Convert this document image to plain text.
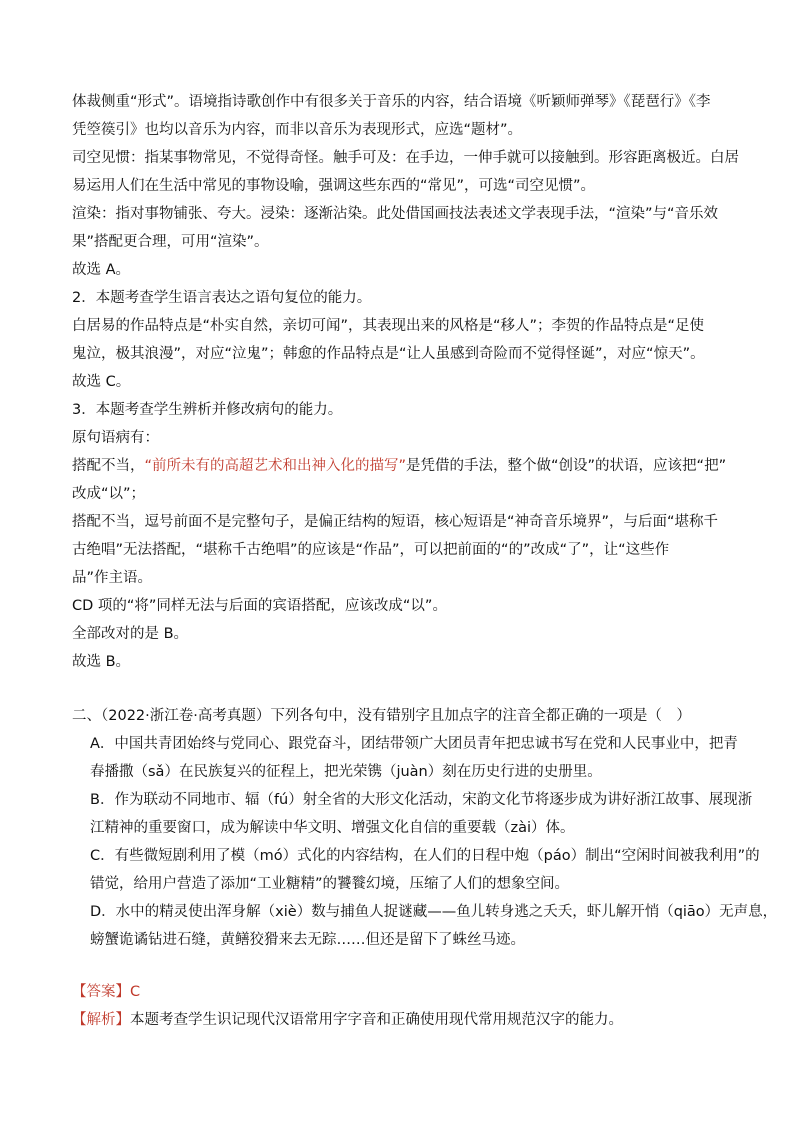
体裁侧重“形式”。语境指诗歌创作中有很多关于音乐的内容，结合语境《听颖师弹琴》《琵琶行》《李

凭箜篌引》也均以音乐为内容，而非以音乐为表现形式，应选“题材”。

司空见惯：指某事物常见，不觉得奇怪。触手可及：在手边，一伸手就可以接触到。形容距离极近。白居

易运用人们在生活中常见的事物设喻，强调这些东西的“常见”，可选“司空见惯”。

渲染：指对事物铺张、夸大。浸染：逐渐沾染。此处借国画技法表述文学表现手法，“渲染”与“音乐效

果”搭配更合理，可用“渲染”。

故选 A。

2．本题考查学生语言表达之语句复位的能力。

白居易的作品特点是“朴实自然，亲切可闻”，其表现出来的风格是“移人”；李贺的作品特点是“足使

鬼泣，极其浪漫”，对应“泣鬼”；韩愈的作品特点是“让人虽感到奇险而不觉得怪诞”，对应“惊天”。

故选 C。

3．本题考查学生辨析并修改病句的能力。

原句语病有：

搭配不当，“前所未有的高超艺术和出神入化的描写”是凭借的手法，整个做“创设”的状语，应该把“把”

改成“以”；

搭配不当，逗号前面不是完整句子，是偏正结构的短语，核心短语是“神奇音乐境界”，与后面“堪称千

古绝唱”无法搭配，“堪称千古绝唱”的应该是“作品”，可以把前面的“的”改成“了”，让“这些作

品”作主语。

CD 项的“将”同样无法与后面的宾语搭配，应该改成“以”。

全部改对的是 B。

故选 B。

二、（2022·浙江卷·高考真题）下列各句中，没有错别字且加点字的注音全都正确的一项是（　）

A．中国共青团始终与党同心、跟党奋斗，团结带领广大团员青年把忠诚书写在党和人民事业中，把青

春播撒（sǎ）在民族复兴的征程上，把光荣镌（juàn）刻在历史行进的史册里。

B．作为联动不同地市、辐（fú）射全省的大形文化活动，宋韵文化节将逐步成为讲好浙江故事、展现浙

江精神的重要窗口，成为解读中华文明、增强文化自信的重要载（zài）体。

C．有些微短剧利用了模（mó）式化的内容结构，在人们的日程中炮（páo）制出“空闲时间被我利用”的

错觉，给用户营造了添加“工业糖精”的饕餮幻境，压缩了人们的想象空间。

D．水中的精灵使出浑身解（xiè）数与捕鱼人捉谜藏——鱼儿转身逃之夭夭，虾儿解开悄（qiāo）无声息，

螃蟹诡谲钻进石缝，黄鳝狡猾来去无踪……但还是留下了蛛丝马迹。

【答案】C

【解析】本题考查学生识记现代汉语常用字字音和正确使用现代常用规范汉字的能力。
